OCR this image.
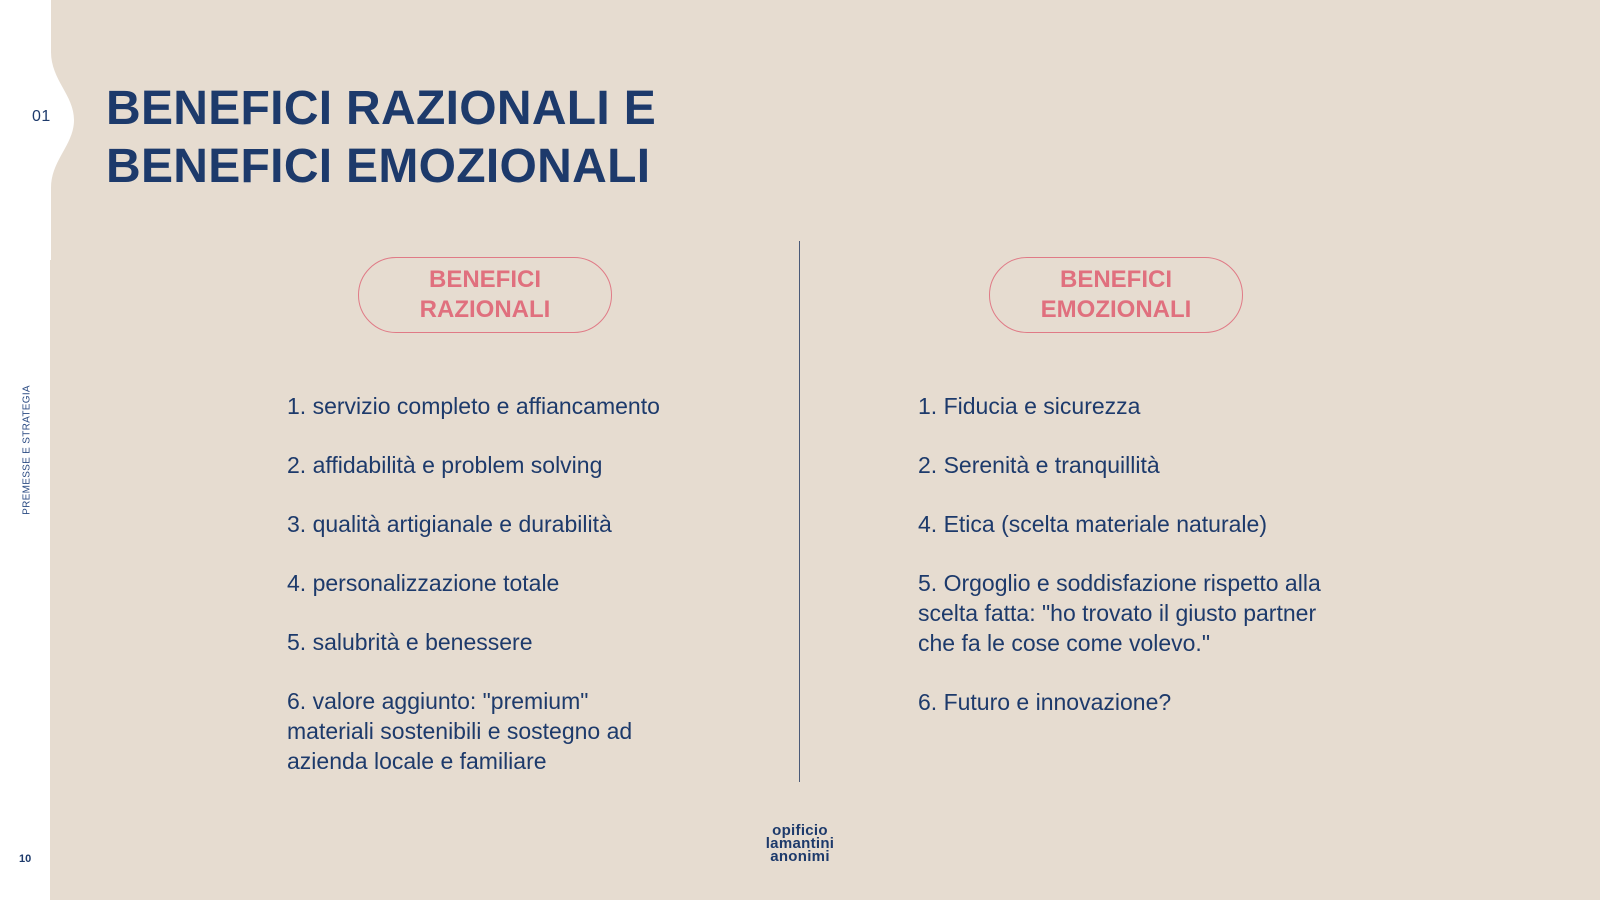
01
PREMESSE E STRATEGIA
10
BENEFICI RAZIONALI E
BENEFICI EMOZIONALI
BENEFICI
RAZIONALI
BENEFICI
EMOZIONALI
1. servizio completo e affiancamento
2. affidabilità e problem solving
3. qualità artigianale e durabilità
4. personalizzazione totale
5. salubrità e benessere
6. valore aggiunto: "premium" materiali sostenibili e sostegno ad azienda locale e familiare
1. Fiducia e sicurezza
2. Serenità e tranquillità
4. Etica (scelta materiale naturale)
5. Orgoglio e soddisfazione rispetto alla scelta fatta: "ho trovato il giusto partner che fa le cose come volevo."
6. Futuro e innovazione?
opificio
lamantini
anonimi
